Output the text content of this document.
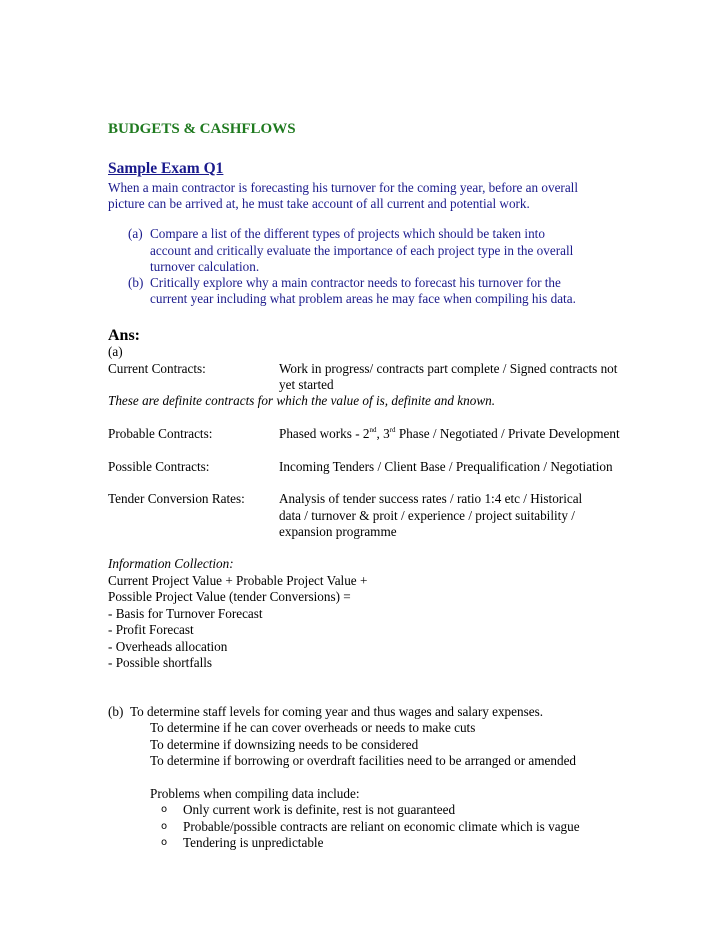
BUDGETS & CASHFLOWS
Sample Exam Q1
When a main contractor is forecasting his turnover for the coming year, before an overall
picture can be arrived at, he must take account of all current and potential work.
(a) Compare a list of the different types of projects which should be taken into
account and critically evaluate the importance of each project type in the overall
turnover calculation.
(b) Critically explore why a main contractor needs to forecast his turnover for the
current year including what problem areas he may face when compiling his data.
Ans:
(a)
Current Contracts:	Work in progress/ contracts part complete / Signed contracts not
yet started
These are definite contracts for which the value of is, definite and known.
Probable Contracts:	Phased works - 2nd, 3rd Phase / Negotiated / Private Development
Possible Contracts:	Incoming Tenders / Client Base / Prequalification / Negotiation
Tender Conversion Rates:	Analysis of tender success rates / ratio 1:4 etc / Historical
data / turnover & proit / experience / project suitability /
expansion programme
Information Collection:
Current Project Value + Probable Project Value +
Possible Project Value (tender Conversions) =
- Basis for Turnover Forecast
- Profit Forecast
- Overheads allocation
- Possible shortfalls
(b) To determine staff levels for coming year and thus wages and salary expenses.
To determine if he can cover overheads or needs to make cuts
To determine if downsizing needs to be considered
To determine if borrowing or overdraft facilities need to be arranged or amended
Problems when compiling data include:
o Only current work is definite, rest is not guaranteed
o Probable/possible contracts are reliant on economic climate which is vague
o Tendering is unpredictable
